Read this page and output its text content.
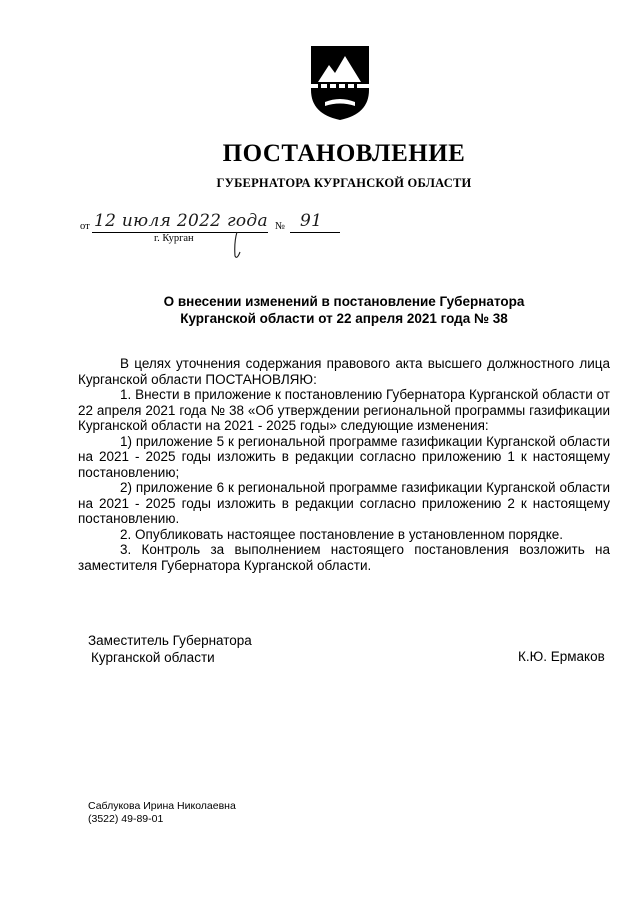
ПОСТАНОВЛЕНИЕ
ГУБЕРНАТОРА КУРГАНСКОЙ ОБЛАСТИ
от 12 июля 2022 года № 91
г. Курган
О внесении изменений в постановление Губернатора
Курганской области от 22 апреля 2021 года № 38

В целях уточнения содержания правового акта высшего должностного лица Курганской области ПОСТАНОВЛЯЮ:

1. Внести в приложение к постановлению Губернатора Курганской области от 22 апреля 2021 года № 38 «Об утверждении региональной программы газификации Курганской области на 2021 - 2025 годы» следующие изменения:

1) приложение 5 к региональной программе газификации Курганской области на 2021 - 2025 годы изложить в редакции согласно приложению 1 к настоящему постановлению;

2) приложение 6 к региональной программе газификации Курганской области на 2021 - 2025 годы изложить в редакции согласно приложению 2 к настоящему постановлению.

2. Опубликовать настоящее постановление в установленном порядке.

3. Контроль за выполнением настоящего постановления возложить на заместителя Губернатора Курганской области.

Заместитель Губернатора
Курганской области	К.Ю. Ермаков
Саблукова Ирина Николаевна
(3522) 49-89-01
